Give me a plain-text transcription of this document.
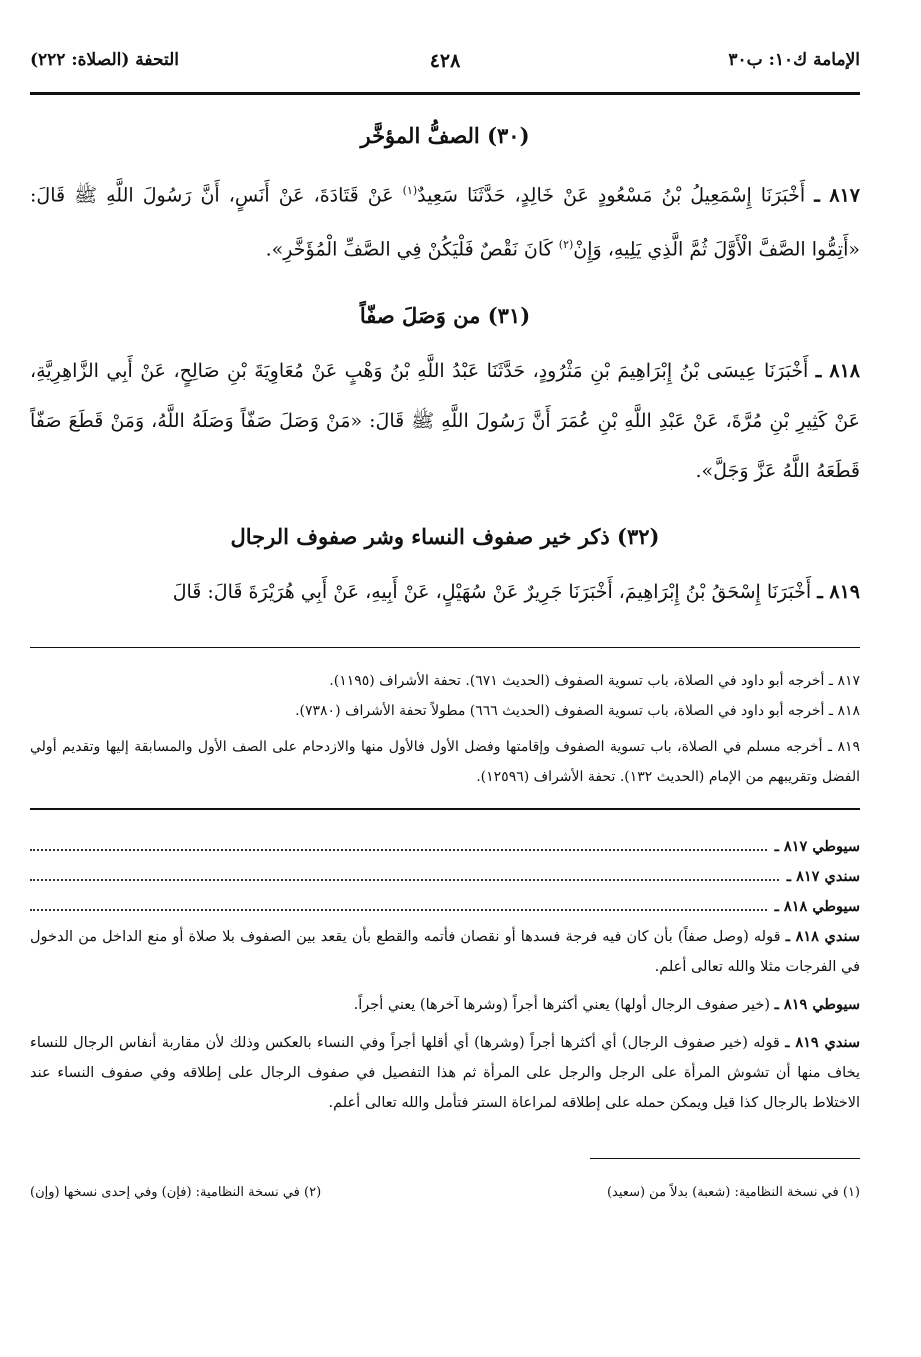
الإمامة ك١٠: ب٣٠
٤٢٨
التحفة (الصلاة: ٢٢٢)
(٣٠) الصفُّ المؤخَّر

٨١٧ ـ أَخْبَرَنَا إِسْمَعِيلُ بْنُ مَسْعُودٍ عَنْ خَالِدٍ، حَدَّثَنَا سَعِيدٌ$^{(١)}$ عَنْ قَتَادَةَ، عَنْ أَنَسٍ، أَنَّ رَسُولَ اللَّهِ ﷺ قَالَ: «أَتِمُّوا الصَّفَّ الْأَوَّلَ ثُمَّ الَّذِي يَلِيهِ، وَإِنْ$^{(٢)}$ كَانَ نَقْصٌ فَلْيَكُنْ فِي الصَّفِّ الْمُؤَخَّرِ».

(٣١) من وَصَلَ صفّاً

٨١٨ ـ أَخْبَرَنَا عِيسَى بْنُ إِبْرَاهِيمَ بْنِ مَثْرُودٍ، حَدَّثَنَا عَبْدُ اللَّهِ بْنُ وَهْبٍ عَنْ مُعَاوِيَةَ بْنِ صَالِحٍ، عَنْ أَبِي الزَّاهِرِيَّةِ، عَنْ كَثِيرِ بْنِ مُرَّةَ، عَنْ عَبْدِ اللَّهِ بْنِ عُمَرَ أَنَّ رَسُولَ اللَّهِ ﷺ قَالَ: «مَنْ وَصَلَ صَفّاً وَصَلَهُ اللَّهُ، وَمَنْ قَطَعَ صَفّاً قَطَعَهُ اللَّهُ عَزَّ وَجَلَّ».

(٣٢) ذكر خير صفوف النساء وشر صفوف الرجال

٨١٩ ـ أَخْبَرَنَا إِسْحَقُ بْنُ إِبْرَاهِيمَ، أَخْبَرَنَا جَرِيرٌ عَنْ سُهَيْلٍ، عَنْ أَبِيهِ، عَنْ أَبِي هُرَيْرَةَ قَالَ: قَالَ

٨١٧ ـ أخرجه أبو داود في الصلاة، باب تسوية الصفوف (الحديث ٦٧١). تحفة الأشراف (١١٩٥).

٨١٨ ـ أخرجه أبو داود في الصلاة، باب تسوية الصفوف (الحديث ٦٦٦) مطولاً تحفة الأشراف (٧٣٨٠).

٨١٩ ـ أخرجه مسلم في الصلاة، باب تسوية الصفوف وإقامتها وفضل الأول فالأول منها والازدحام على الصف الأول والمسابقة إليها وتقديم أولي الفضل وتقريبهم من الإمام (الحديث ١٣٢). تحفة الأشراف (١٢٥٩٦).

سيوطي ٨١٧ ـ
سندي ٨١٧ ـ
سيوطي ٨١٨ ـ

سندي ٨١٨ ـ قوله (وصل صفاً) بأن كان فيه فرجة فسدها أو نقصان فأتمه والقطع بأن يقعد بين الصفوف بلا صلاة أو منع الداخل من الدخول في الفرجات مثلا والله تعالى أعلم.

سيوطي ٨١٩ ـ (خير صفوف الرجال أولها) يعني أكثرها أجراً (وشرها آخرها) يعني أجراً.

سندي ٨١٩ ـ قوله (خير صفوف الرجال) أي أكثرها أجراً (وشرها) أي أقلها أجراً وفي النساء بالعكس وذلك لأن مقاربة أنفاس الرجال للنساء يخاف منها أن تشوش المرأة على الرجل والرجل على المرأة ثم هذا التفصيل في صفوف الرجال على إطلاقه وفي صفوف النساء عند الاختلاط بالرجال كذا قيل ويمكن حمله على إطلاقه لمراعاة الستر فتأمل والله تعالى أعلم.

(١) في نسخة النظامية: (شعبة) بدلاً من (سعيد)
(٢) في نسخة النظامية: (فإن) وفي إحدى نسخها (وإن)
